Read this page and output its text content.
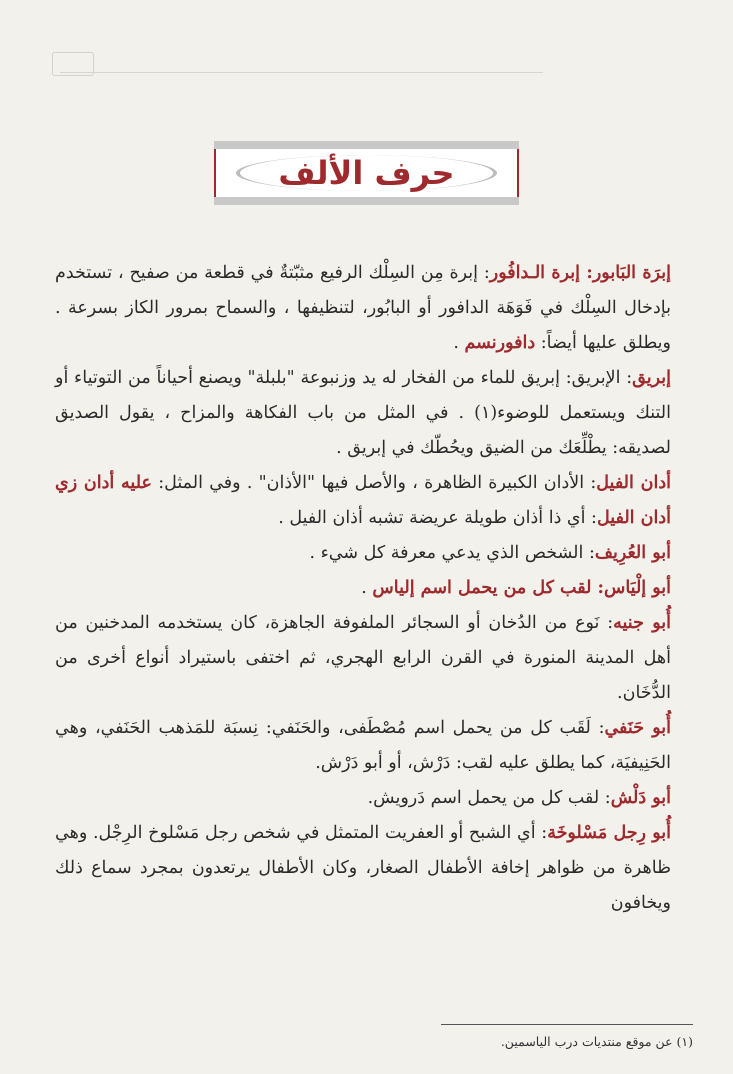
حرف الألف

إبرَة البَابور: إبرة الـدافُور: إبرة مِن السِلْك الرفيع مثبّتةٌ في قطعة من صفيح ، تستخدم بإدخال السِلْك في فَوَهَة الدافور أو البابُور، لتنظيفها ، والسماح بمرور الكاز بسرعة . ويطلق عليها أيضاً: دافورنسم .

إبريق: الإبريق: إبريق للماء من الفخار له يد وزنبوعة "بلبلة" ويصنع أحياناً من التوتياء أو التنك ويستعمل للوضوء(١) . في المثل من باب الفكاهة والمزاح ، يقول الصديق لصديقه: يطْلِّعَك من الضيق ويحُطّك في إبريق .

أدان الفيل: الأدان الكبيرة الظاهرة ، والأصل فيها "الأذان" . وفي المثل: عليه أدان زي أدان الفيل: أي ذا أذان طويلة عريضة تشبه أذان الفيل .

أبو العُرِيف: الشخص الذي يدعي معرفة كل شيء .

أبو إلْيَاس: لقب كل من يحمل اسم إلياس .

أُبو جنيه: نَوع من الدُخان أو السجائر الملفوفة الجاهزة، كان يستخدمه المدخنين من أهل المدينة المنورة في القرن الرابع الهجري، ثم اختفى باستيراد أنواع أخرى من الدُّخَان.

أُبو حَنَفي: لَقَب كل من يحمل اسم مُصْطَفى، والحَنَفي: نِسبَة للمَذهب الحَنَفي، وهي الحَنِيفيَة، كما يطلق عليه لقب: دَرْش، أو أبو دَرْش.

أبو دَلْش: لقب كل من يحمل اسم دَرويش.

أُبو رِجل مَسْلوخَة: أي الشبح أو العفريت المتمثل في شخص رجل مَسْلوخ الرِجْل. وهي ظاهرة من ظواهر إخافة الأطفال الصغار، وكان الأطفال يرتعدون بمجرد سماع ذلك ويخافون

(١) عن موقع منتديات درب الياسمين.
